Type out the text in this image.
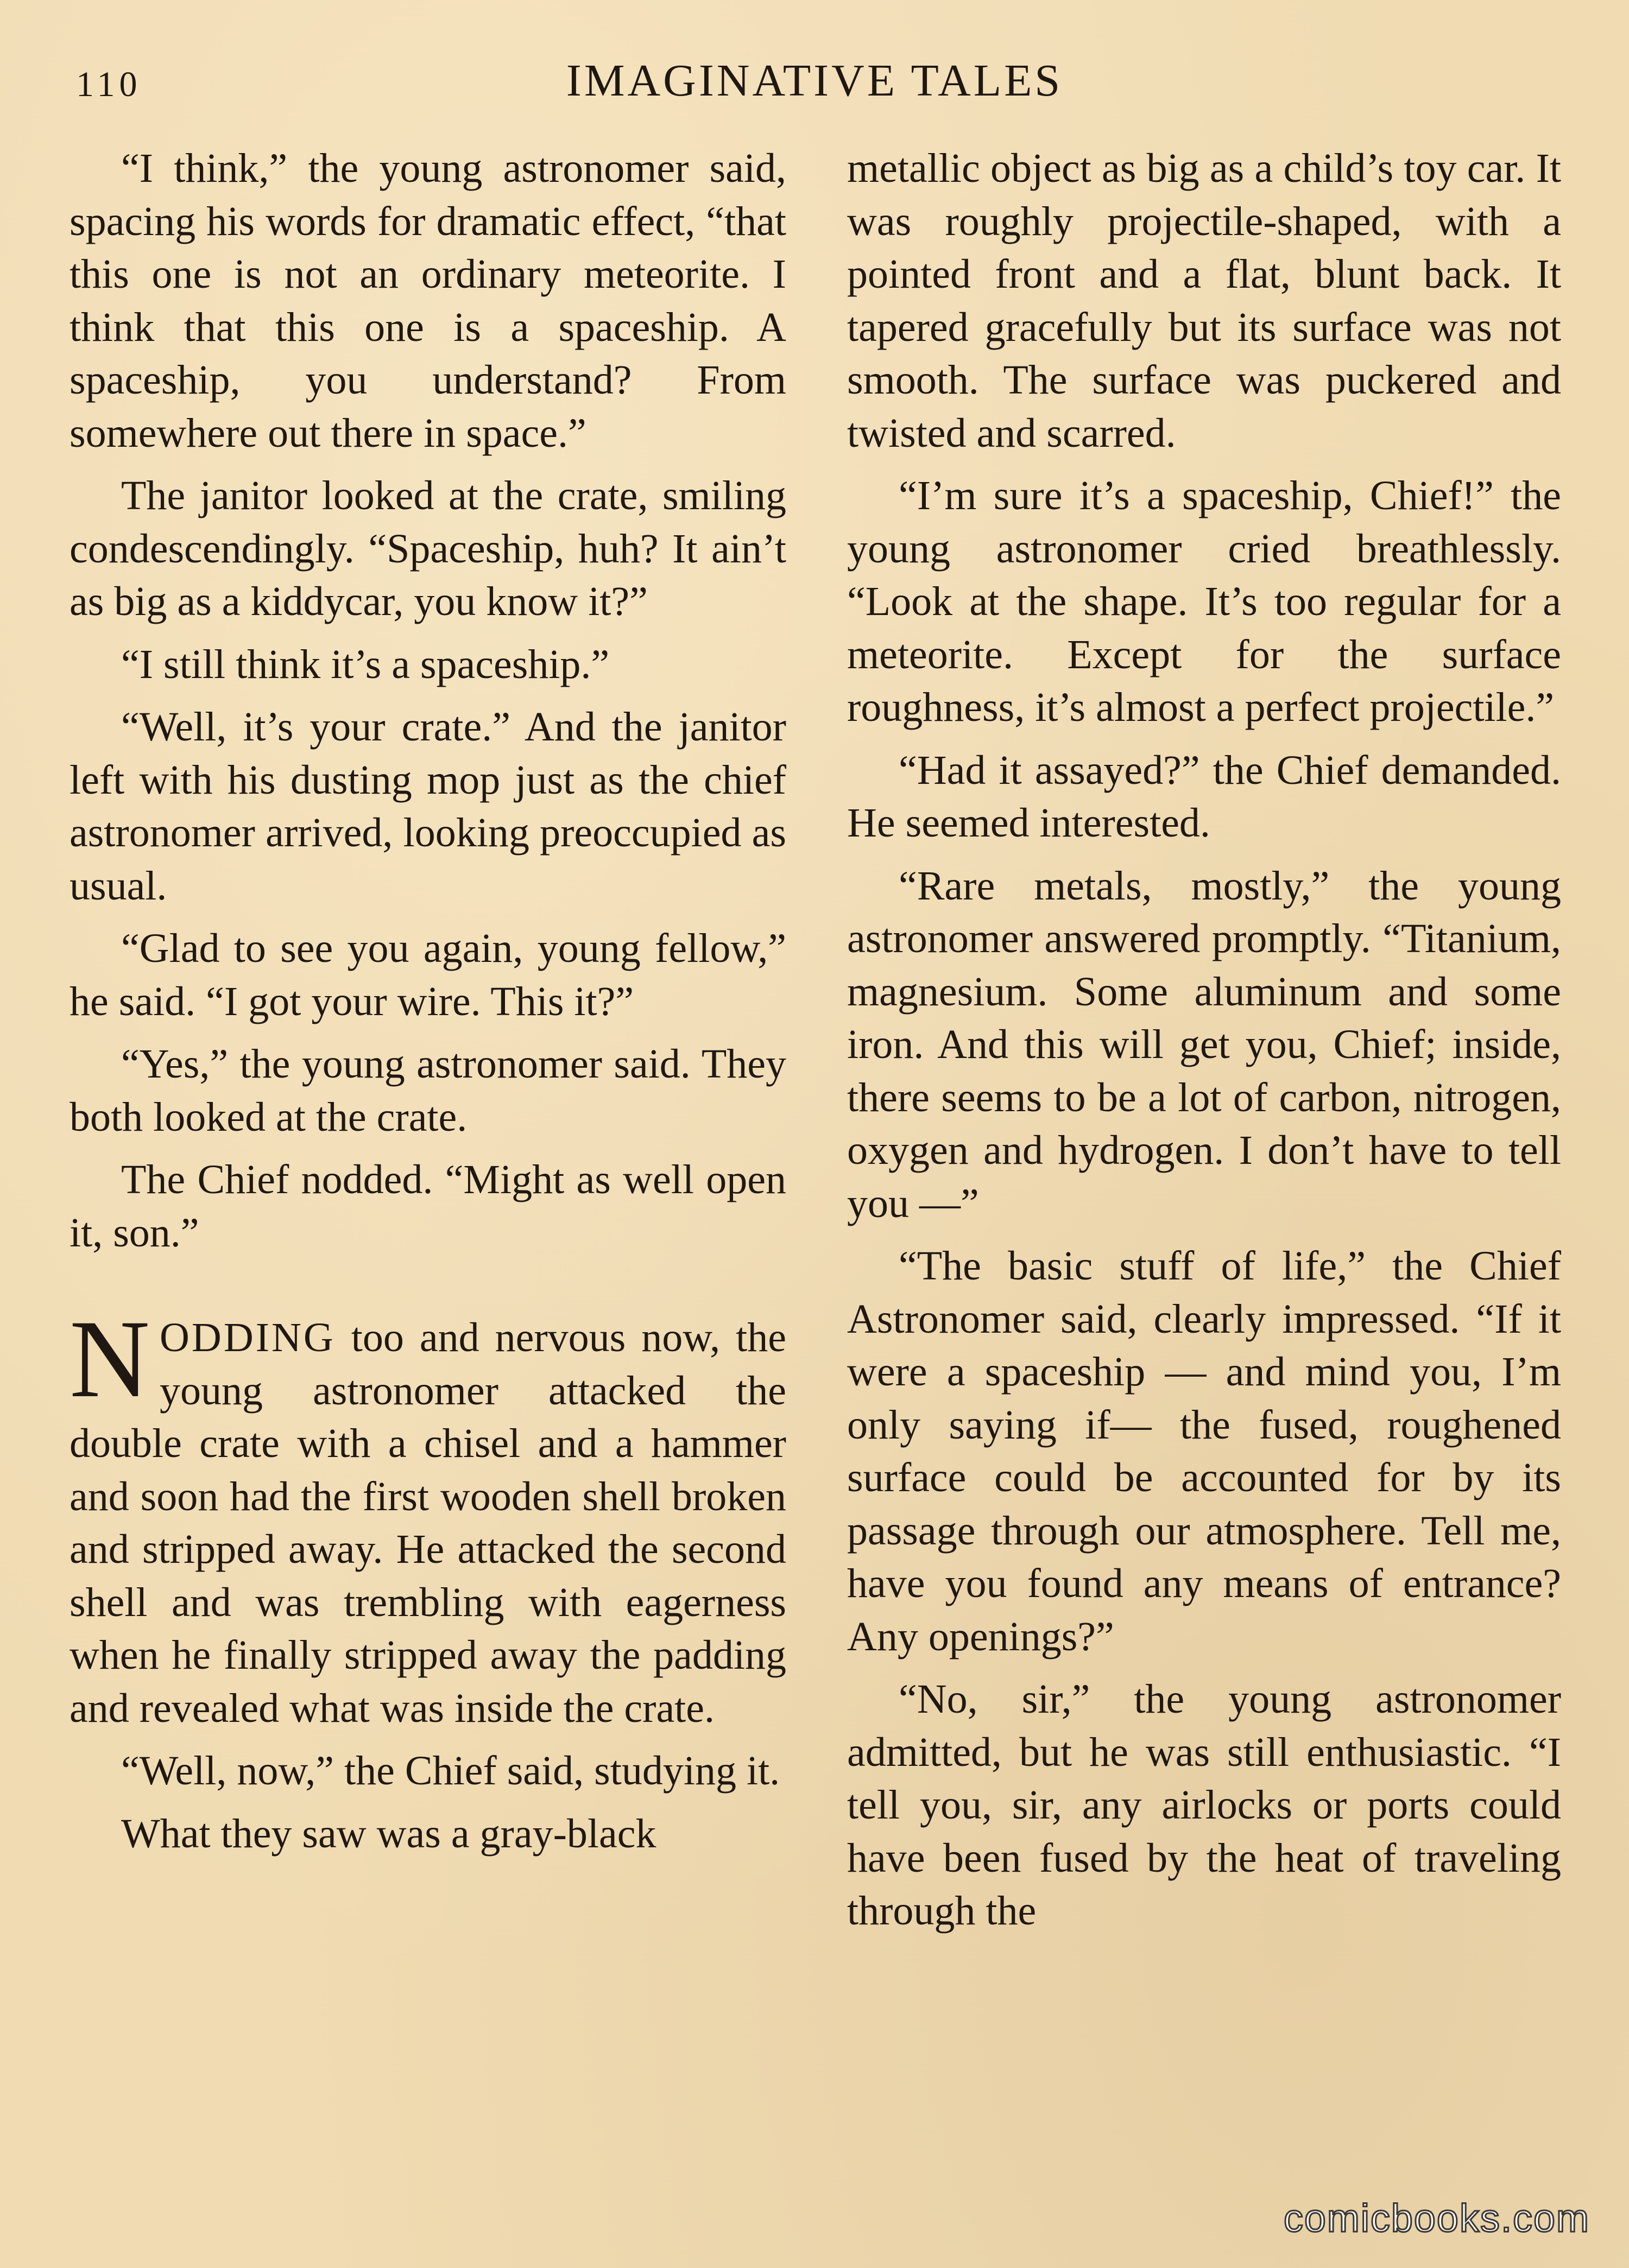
110	IMAGINATIVE TALES

“I think,” the young astronomer said, spacing his words for dramatic effect, “that this one is not an ordinary meteorite. I think that this one is a spaceship. A spaceship, you understand? From somewhere out there in space.”

The janitor looked at the crate, smiling condescendingly. “Spaceship, huh? It ain’t as big as a kiddycar, you know it?”

“I still think it’s a spaceship.”

“Well, it’s your crate.” And the janitor left with his dusting mop just as the chief astronomer arrived, looking preoccupied as usual.

“Glad to see you again, young fellow,” he said. “I got your wire. This it?”

“Yes,” the young astronomer said. They both looked at the crate.

The Chief nodded. “Might as well open it, son.”

NODDING too and nervous now, the young astronomer attacked the double crate with a chisel and a hammer and soon had the first wooden shell broken and stripped away. He attacked the second shell and was trembling with eagerness when he finally stripped away the padding and revealed what was inside the crate.

“Well, now,” the Chief said, studying it.

What they saw was a gray-black

metallic object as big as a child’s toy car. It was roughly projectile-shaped, with a pointed front and a flat, blunt back. It tapered gracefully but its surface was not smooth. The surface was puckered and twisted and scarred.

“I’m sure it’s a spaceship, Chief!” the young astronomer cried breathlessly. “Look at the shape. It’s too regular for a meteorite. Except for the surface roughness, it’s almost a perfect projectile.”

“Had it assayed?” the Chief demanded. He seemed interested.

“Rare metals, mostly,” the young astronomer answered promptly. “Titanium, magnesium. Some aluminum and some iron. And this will get you, Chief; inside, there seems to be a lot of carbon, nitrogen, oxygen and hydrogen. I don’t have to tell you —”

“The basic stuff of life,” the Chief Astronomer said, clearly impressed. “If it were a spaceship — and mind you, I’m only saying if— the fused, roughened surface could be accounted for by its passage through our atmosphere. Tell me, have you found any means of entrance? Any openings?”

“No, sir,” the young astronomer admitted, but he was still enthusiastic. “I tell you, sir, any airlocks or ports could have been fused by the heat of traveling through the

comicbooks.com
